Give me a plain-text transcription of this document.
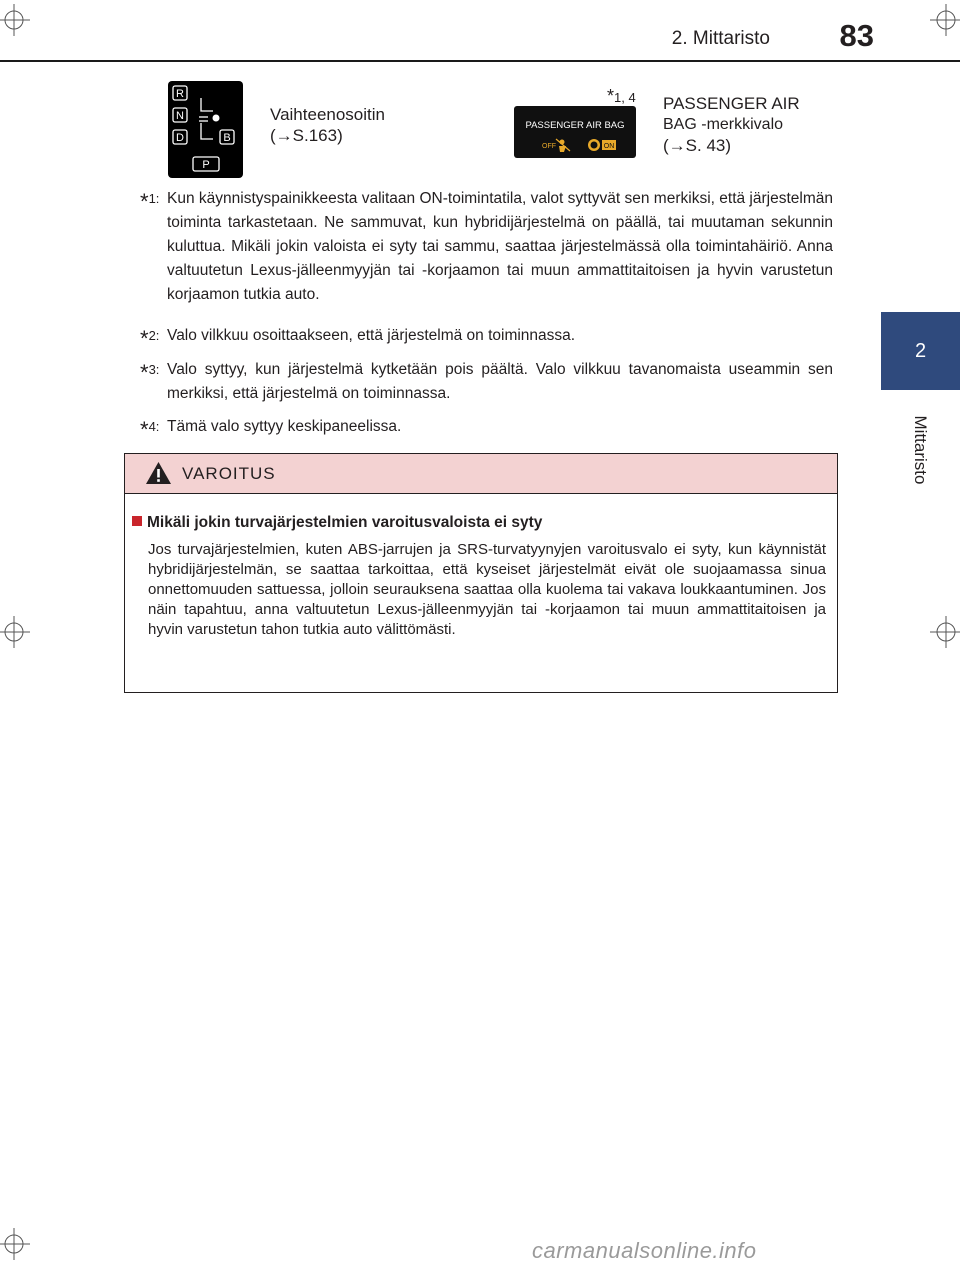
2. Mittaristo	83
2
Mittaristo
R
N
D	B
P
Vaihteenosoitin
(→S.163)
*1, 4
PASSENGER AIR BAG
OFF	ON
PASSENGER AIR
BAG -merkkivalo
(→S. 43)
*1: Kun käynnistyspainikkeesta valitaan ON-toimintatila, valot syttyvät sen merkiksi, että järjestelmän toiminta tarkastetaan. Ne sammuvat, kun hybridijärjestelmä on päällä, tai muutaman sekunnin kuluttua. Mikäli jokin valoista ei syty tai sammu, saattaa järjestelmässä olla toimintahäiriö. Anna valtuutetun Lexus-jälleenmyyjän tai -korjaamon tai muun ammattitaitoisen ja hyvin varustetun korjaamon tutkia auto.
*2: Valo vilkkuu osoittaakseen, että järjestelmä on toiminnassa.
*3: Valo syttyy, kun järjestelmä kytketään pois päältä. Valo vilkkuu tavanomaista useammin sen merkiksi, että järjestelmä on toiminnassa.
*4: Tämä valo syttyy keskipaneelissa.
VAROITUS
Mikäli jokin turvajärjestelmien varoitusvaloista ei syty
Jos turvajärjestelmien, kuten ABS-jarrujen ja SRS-turvatyynyjen varoitusvalo ei syty, kun käynnistät hybridijärjestelmän, se saattaa tarkoittaa, että kyseiset järjestelmät eivät ole suojaamassa sinua onnettomuuden sattuessa, jolloin seurauksena saattaa olla kuolema tai vakava loukkaantuminen. Jos näin tapahtuu, anna valtuutetun Lexus-jälleenmyyjän tai -korjaamon tai muun ammattitaitoisen ja hyvin varustetun tahon tutkia auto välittömästi.
carmanualsonline.info
